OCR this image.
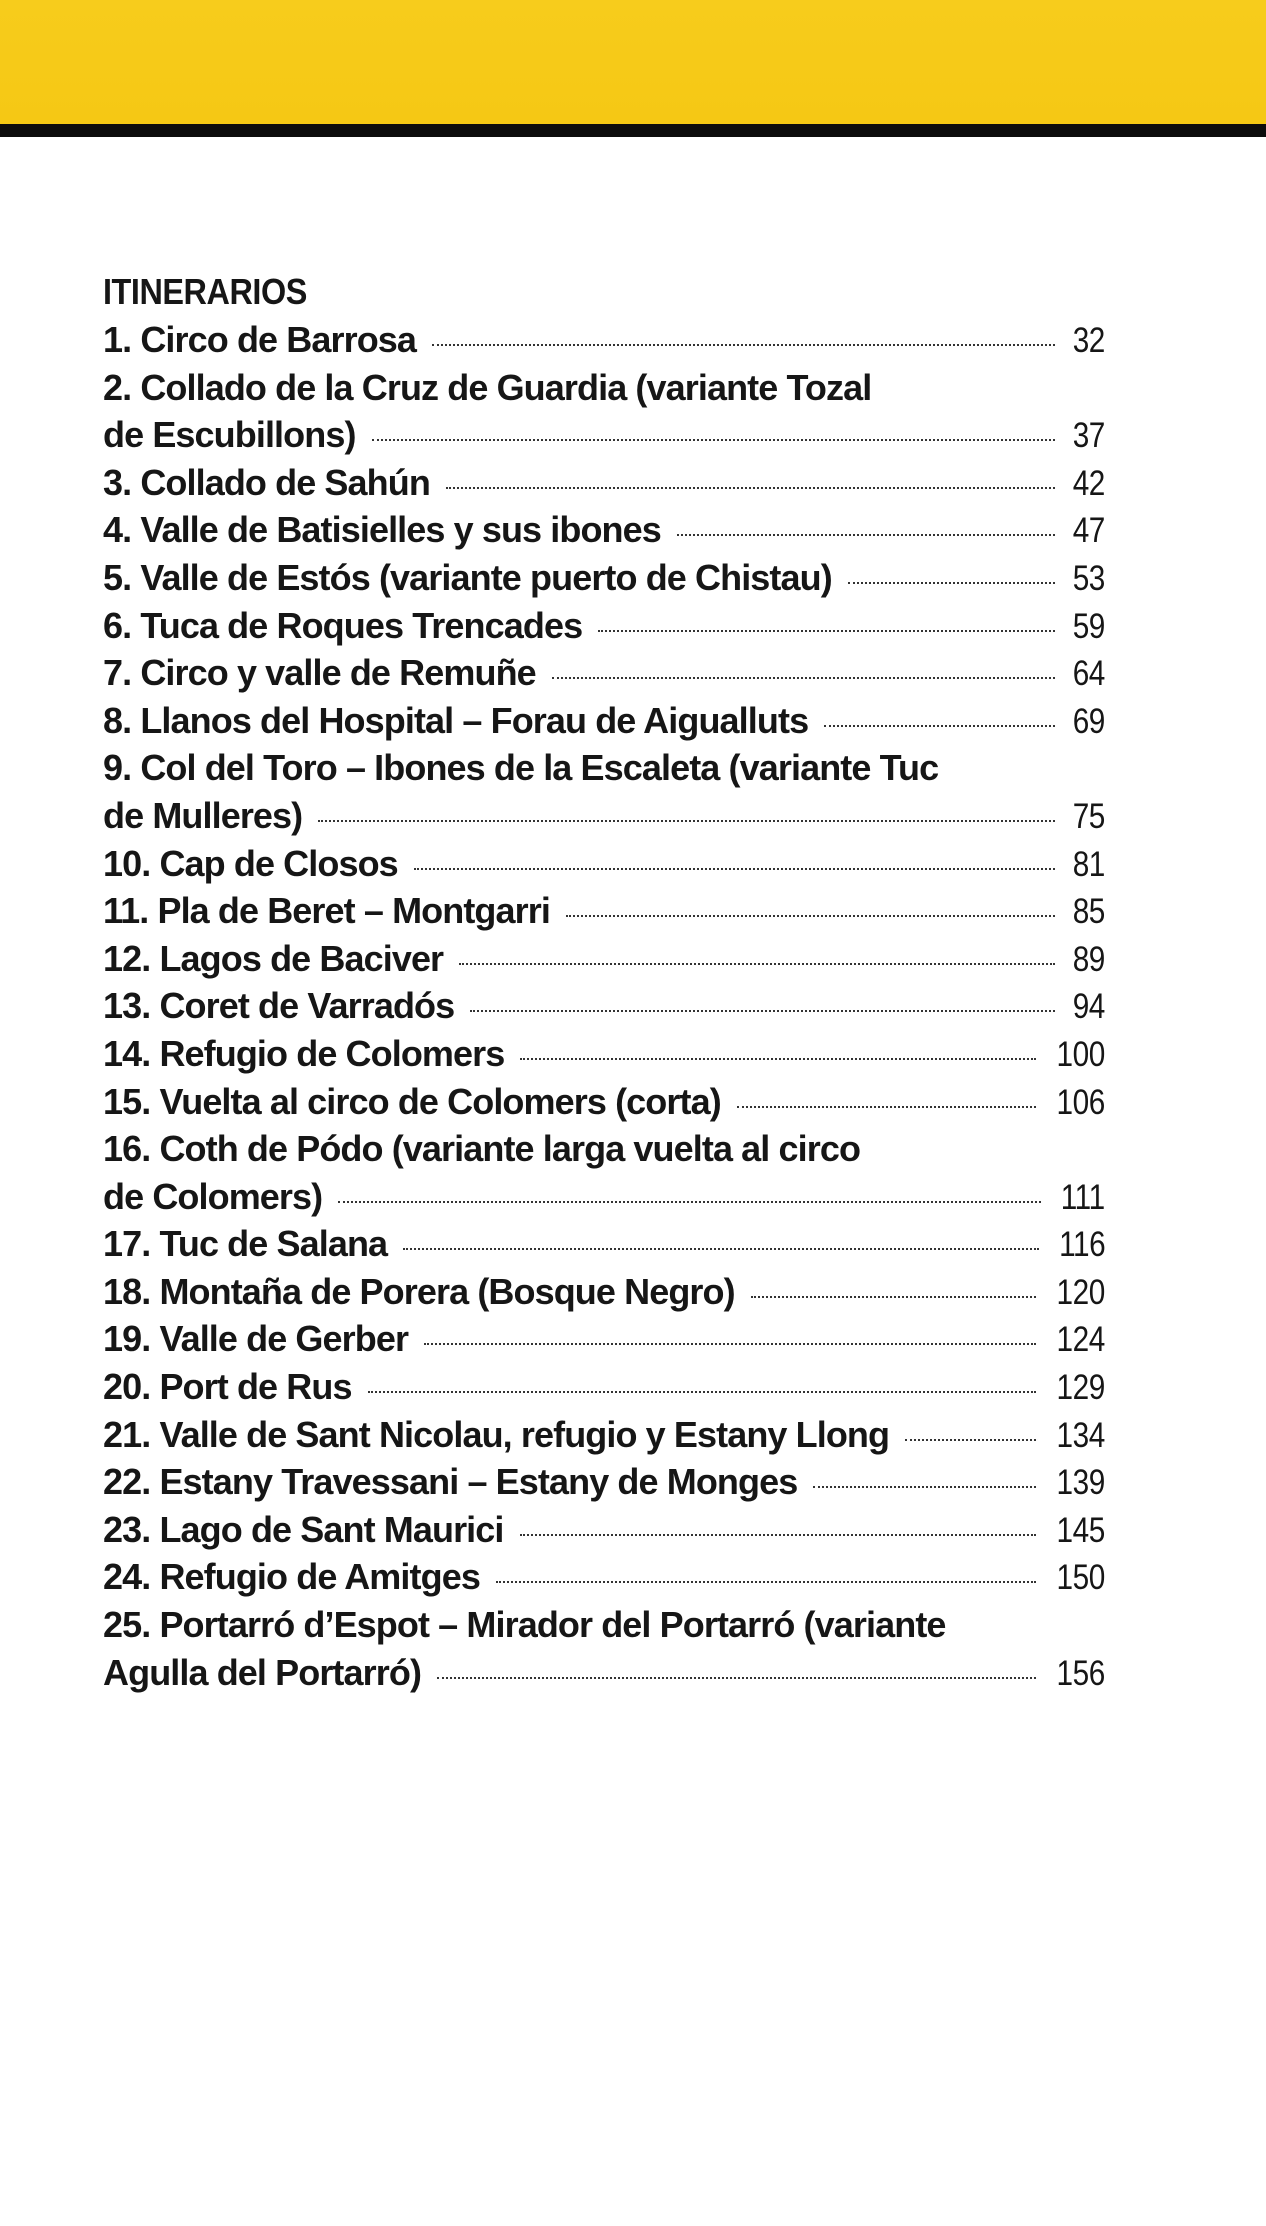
ITINERARIOS
1. Circo de Barrosa	32
2. Collado de la Cruz de Guardia (variante Tozal
de Escubillons)	37
3. Collado de Sahún	42
4. Valle de Batisielles y sus ibones	47
5. Valle de Estós (variante puerto de Chistau)	53
6. Tuca de Roques Trencades	59
7. Circo y valle de Remuñe	64
8. Llanos del Hospital – Forau de Aigualluts	69
9. Col del Toro – Ibones de la Escaleta (variante Tuc
de Mulleres)	75
10. Cap de Closos	81
11. Pla de Beret – Montgarri	85
12. Lagos de Baciver	89
13. Coret de Varradós	94
14. Refugio de Colomers	100
15. Vuelta al circo de Colomers (corta)	106
16. Coth de Pódo (variante larga vuelta al circo
de Colomers)	111
17. Tuc de Salana	116
18. Montaña de Porera (Bosque Negro)	120
19. Valle de Gerber	124
20. Port de Rus	129
21. Valle de Sant Nicolau, refugio y Estany Llong	134
22. Estany Travessani – Estany de Monges	139
23. Lago de Sant Maurici	145
24. Refugio de Amitges	150
25. Portarró d’Espot – Mirador del Portarró (variante
Agulla del Portarró)	156
